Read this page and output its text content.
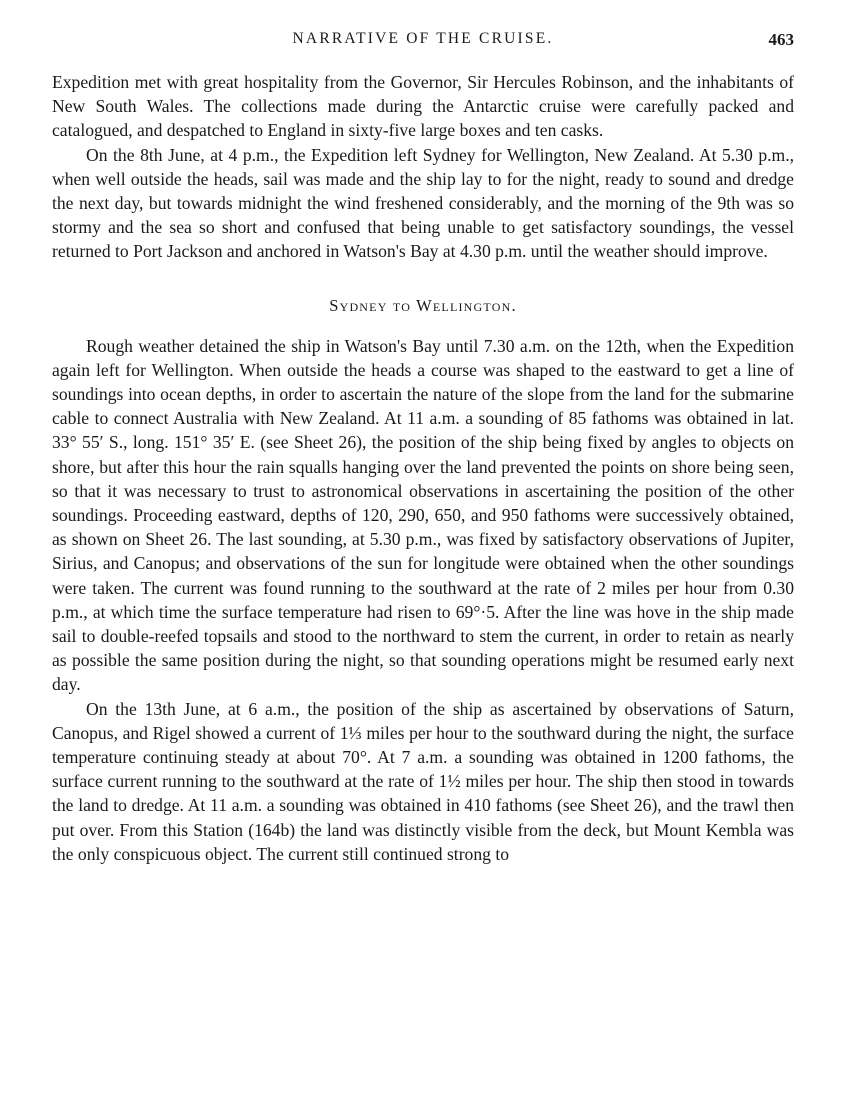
NARRATIVE OF THE CRUISE.	463

Expedition met with great hospitality from the Governor, Sir Hercules Robinson, and the inhabitants of New South Wales. The collections made during the Antarctic cruise were carefully packed and catalogued, and despatched to England in sixty-five large boxes and ten casks.

On the 8th June, at 4 p.m., the Expedition left Sydney for Wellington, New Zealand. At 5.30 p.m., when well outside the heads, sail was made and the ship lay to for the night, ready to sound and dredge the next day, but towards midnight the wind freshened considerably, and the morning of the 9th was so stormy and the sea so short and confused that being unable to get satisfactory soundings, the vessel returned to Port Jackson and anchored in Watson's Bay at 4.30 p.m. until the weather should improve.

Sydney to Wellington.

Rough weather detained the ship in Watson's Bay until 7.30 a.m. on the 12th, when the Expedition again left for Wellington. When outside the heads a course was shaped to the eastward to get a line of soundings into ocean depths, in order to ascertain the nature of the slope from the land for the submarine cable to connect Australia with New Zealand. At 11 a.m. a sounding of 85 fathoms was obtained in lat. 33° 55′ S., long. 151° 35′ E. (see Sheet 26), the position of the ship being fixed by angles to objects on shore, but after this hour the rain squalls hanging over the land prevented the points on shore being seen, so that it was necessary to trust to astronomical observations in ascertaining the position of the other soundings. Proceeding eastward, depths of 120, 290, 650, and 950 fathoms were successively obtained, as shown on Sheet 26. The last sounding, at 5.30 p.m., was fixed by satisfactory observations of Jupiter, Sirius, and Canopus; and observations of the sun for longitude were obtained when the other soundings were taken. The current was found running to the southward at the rate of 2 miles per hour from 0.30 p.m., at which time the surface temperature had risen to 69°·5. After the line was hove in the ship made sail to double-reefed topsails and stood to the northward to stem the current, in order to retain as nearly as possible the same position during the night, so that sounding operations might be resumed early next day.

On the 13th June, at 6 a.m., the position of the ship as ascertained by observations of Saturn, Canopus, and Rigel showed a current of 1⅓ miles per hour to the southward during the night, the surface temperature continuing steady at about 70°. At 7 a.m. a sounding was obtained in 1200 fathoms, the surface current running to the southward at the rate of 1½ miles per hour. The ship then stood in towards the land to dredge. At 11 a.m. a sounding was obtained in 410 fathoms (see Sheet 26), and the trawl then put over. From this Station (164b) the land was distinctly visible from the deck, but Mount Kembla was the only conspicuous object. The current still continued strong to
